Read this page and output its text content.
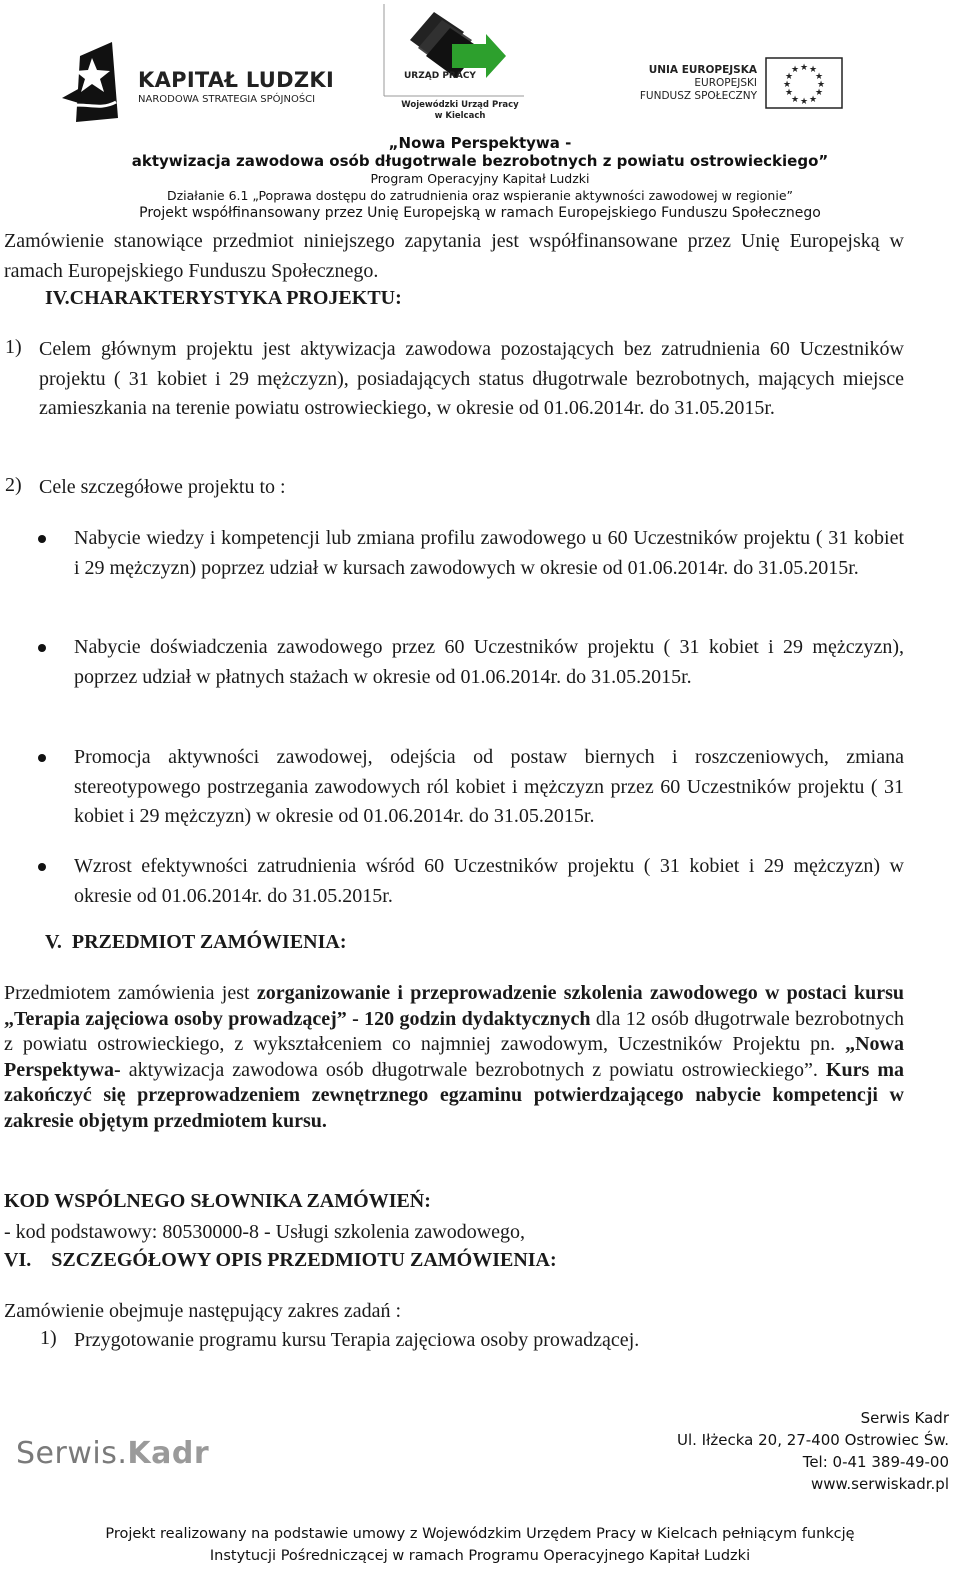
KAPITAŁ LUDZKI
NARODOWA STRATEGIA SPÓJNOŚCI
URZĄD PRACY
Wojewódzki Urząd Pracy
w Kielcach
UNIA EUROPEJSKA
EUROPEJSKI
FUNDUSZ SPOŁECZNY
★ ★
★
★
★
★
★
★
★
★
★
★
„Nowa Perspektywa -
aktywizacja zawodowa osób długotrwale bezrobotnych z powiatu ostrowieckiego”
Program Operacyjny Kapitał Ludzki
Działanie 6.1 „Poprawa dostępu do zatrudnienia oraz wspieranie aktywności zawodowej w regionie”
Projekt współfinansowany przez Unię Europejską w ramach Europejskiego Funduszu Społecznego
Zamówienie stanowiące przedmiot niniejszego zapytania jest współfinansowane przez Unię Europejską w ramach Europejskiego Funduszu Społecznego.
IV.CHARAKTERYSTYKA PROJEKTU:
1) Celem głównym projektu jest aktywizacja zawodowa pozostających bez zatrudnienia 60 Uczestników projektu ( 31 kobiet i 29 mężczyzn), posiadających status długotrwale bezrobotnych, mających miejsce zamieszkania na terenie powiatu ostrowieckiego, w okresie od 01.06.2014r. do 31.05.2015r.
2) Cele szczegółowe projektu to :
Nabycie wiedzy i kompetencji lub zmiana profilu zawodowego u 60 Uczestników projektu ( 31 kobiet i 29 mężczyzn) poprzez udział w kursach zawodowych w okresie od 01.06.2014r. do 31.05.2015r.
Nabycie doświadczenia zawodowego przez 60 Uczestników projektu ( 31 kobiet i 29 mężczyzn), poprzez udział w płatnych stażach w okresie od 01.06.2014r. do 31.05.2015r.
Promocja aktywności zawodowej, odejścia od postaw biernych i roszczeniowych, zmiana stereotypowego postrzegania zawodowych ról kobiet i mężczyzn przez 60 Uczestników projektu ( 31 kobiet i 29 mężczyzn) w okresie od 01.06.2014r. do 31.05.2015r.
Wzrost efektywności zatrudnienia wśród 60 Uczestników projektu ( 31 kobiet i 29 mężczyzn) w okresie od 01.06.2014r. do 31.05.2015r.
V.  PRZEDMIOT ZAMÓWIENIA:
Przedmiotem zamówienia jest zorganizowanie i przeprowadzenie szkolenia zawodowego w postaci kursu „Terapia zajęciowa osoby prowadzącej” - 120 godzin dydaktycznych dla 12 osób długotrwale bezrobotnych z powiatu ostrowieckiego, z wykształceniem co najmniej zawodowym, Uczestników Projektu pn. „Nowa Perspektywa- aktywizacja zawodowa osób długotrwale bezrobotnych z powiatu ostrowieckiego”. Kurs ma zakończyć się przeprowadzeniem zewnętrznego egzaminu potwierdzającego nabycie kompetencji w zakresie objętym przedmiotem kursu.
KOD WSPÓLNEGO SŁOWNIKA ZAMÓWIEŃ:
- kod podstawowy: 80530000-8 - Usługi szkolenia zawodowego,
VI.    SZCZEGÓŁOWY OPIS PRZEDMIOTU ZAMÓWIENIA:
Zamówienie obejmuje następujący zakres zadań :
1) Przygotowanie programu kursu Terapia zajęciowa osoby prowadzącej.
Serwis.Kadr
Serwis Kadr
Ul. Iłżecka 20, 27-400 Ostrowiec Św.
Tel: 0-41 389-49-00
www.serwiskadr.pl
Projekt realizowany na podstawie umowy z Wojewódzkim Urzędem Pracy w Kielcach pełniącym funkcję
Instytucji Pośredniczącej w ramach Programu Operacyjnego Kapitał Ludzki
